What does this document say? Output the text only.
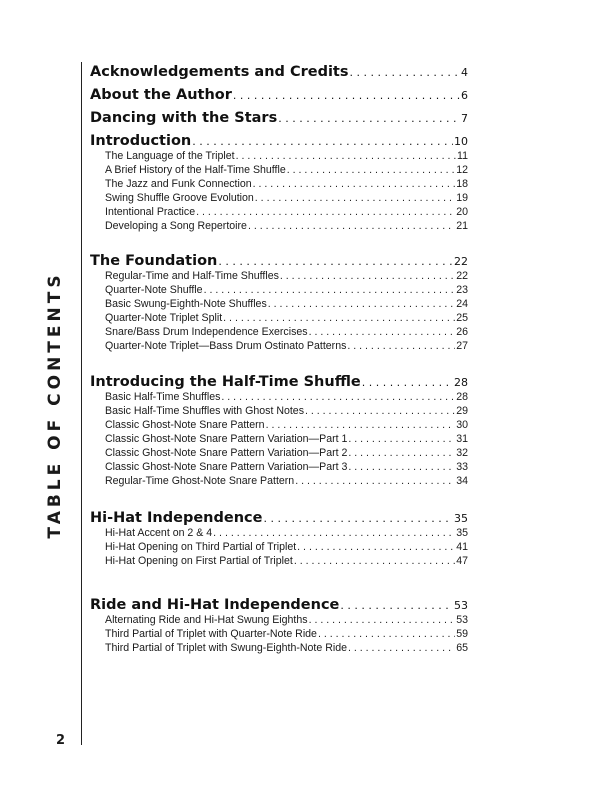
TABLE OF CONTENTS
2
Acknowledgements and Credits . . .	4
About the Author . . .	6
Dancing with the Stars . . .	7
Introduction . . .	10
The Language of the Triplet . . .	11
A Brief History of the Half-Time Shuffle . . .	12
The Jazz and Funk Connection . . .	18
Swing Shuffle Groove Evolution . . .	19
Intentional Practice . . .	20
Developing a Song Repertoire . . .	21
The Foundation . . .	22
Regular-Time and Half-Time Shuffles . . .	22
Quarter-Note Shuffle . . .	23
Basic Swung-Eighth-Note Shuffles . . .	24
Quarter-Note Triplet Split . . .	25
Snare/Bass Drum Independence Exercises . . .	26
Quarter-Note Triplet—Bass Drum Ostinato Patterns . . .	27
Introducing the Half-Time Shuffle . . .	28
Basic Half-Time Shuffles . . .	28
Basic Half-Time Shuffles with Ghost Notes . . .	29
Classic Ghost-Note Snare Pattern . . .	30
Classic Ghost-Note Snare Pattern Variation—Part 1 . . .	31
Classic Ghost-Note Snare Pattern Variation—Part 2 . . .	32
Classic Ghost-Note Snare Pattern Variation—Part 3 . . .	33
Regular-Time Ghost-Note Snare Pattern . . .	34
Hi-Hat Independence . . .	35
Hi-Hat Accent on 2 & 4 . . .	35
Hi-Hat Opening on Third Partial of Triplet . . .	41
Hi-Hat Opening on First Partial of Triplet . . .	47
Ride and Hi-Hat Independence . . .	53
Alternating Ride and Hi-Hat Swung Eighths . . .	53
Third Partial of Triplet with Quarter-Note Ride . . .	59
Third Partial of Triplet with Swung-Eighth-Note Ride . . .	65
